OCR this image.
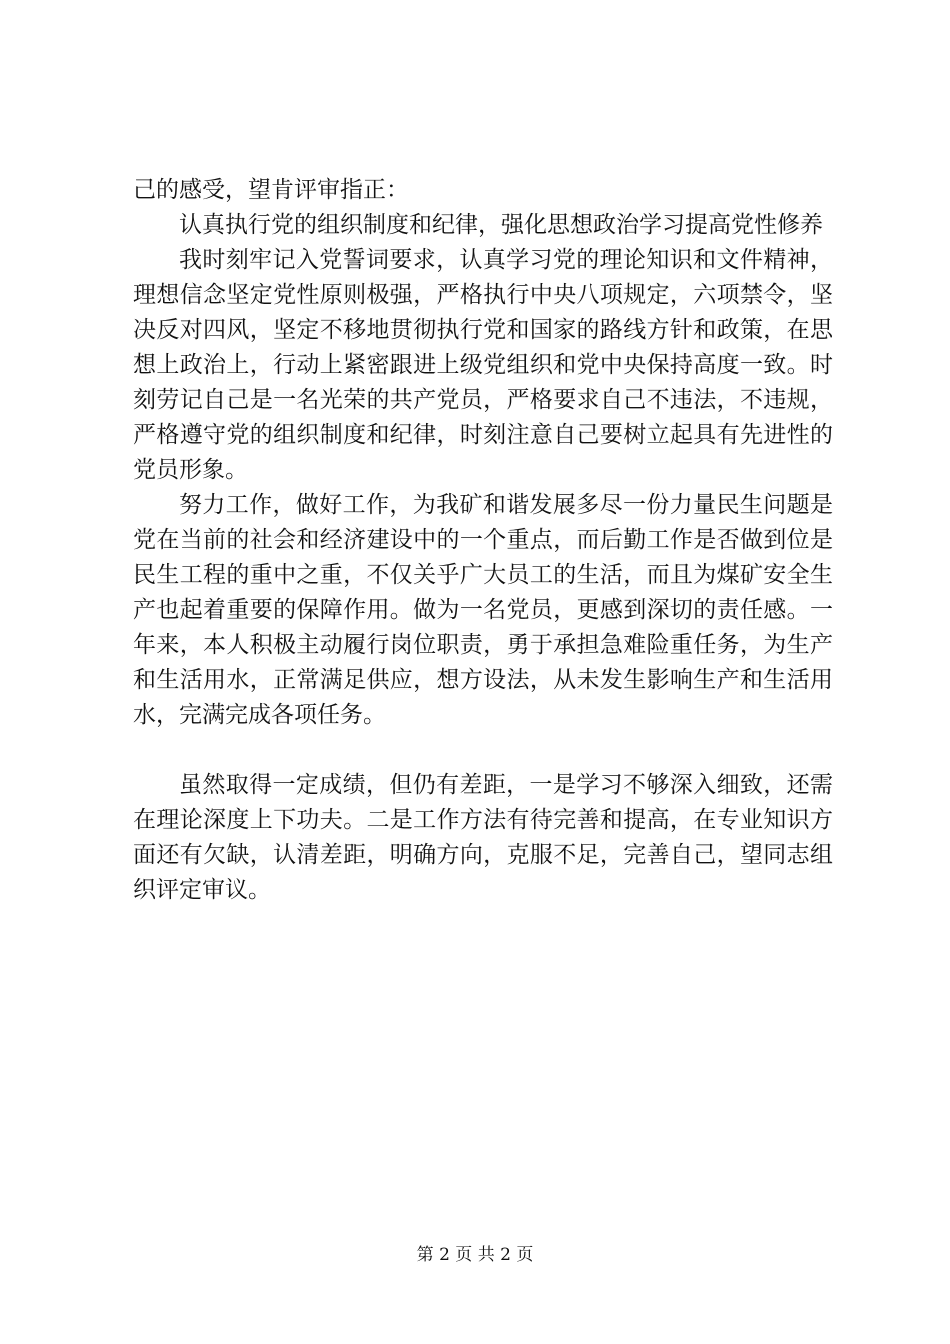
己的感受，望肯评审指正：

认真执行党的组织制度和纪律，强化思想政治学习提高党性修养

我时刻牢记入党誓词要求，认真学习党的理论知识和文件精神，理想信念坚定党性原则极强，严格执行中央八项规定，六项禁令，坚决反对四风，坚定不移地贯彻执行党和国家的路线方针和政策，在思想上政治上，行动上紧密跟进上级党组织和党中央保持高度一致。时刻劳记自己是一名光荣的共产党员，严格要求自己不违法，不违规，严格遵守党的组织制度和纪律，时刻注意自己要树立起具有先进性的党员形象。

努力工作，做好工作，为我矿和谐发展多尽一份力量民生问题是党在当前的社会和经济建设中的一个重点，而后勤工作是否做到位是民生工程的重中之重，不仅关乎广大员工的生活，而且为煤矿安全生产也起着重要的保障作用。做为一名党员，更感到深切的责任感。一年来，本人积极主动履行岗位职责，勇于承担急难险重任务，为生产和生活用水，正常满足供应，想方设法，从未发生影响生产和生活用水，完满完成各项任务。

虽然取得一定成绩，但仍有差距，一是学习不够深入细致，还需在理论深度上下功夫。二是工作方法有待完善和提高，在专业知识方面还有欠缺，认清差距，明确方向，克服不足，完善自己，望同志组织评定审议。

第 2 页 共 2 页
